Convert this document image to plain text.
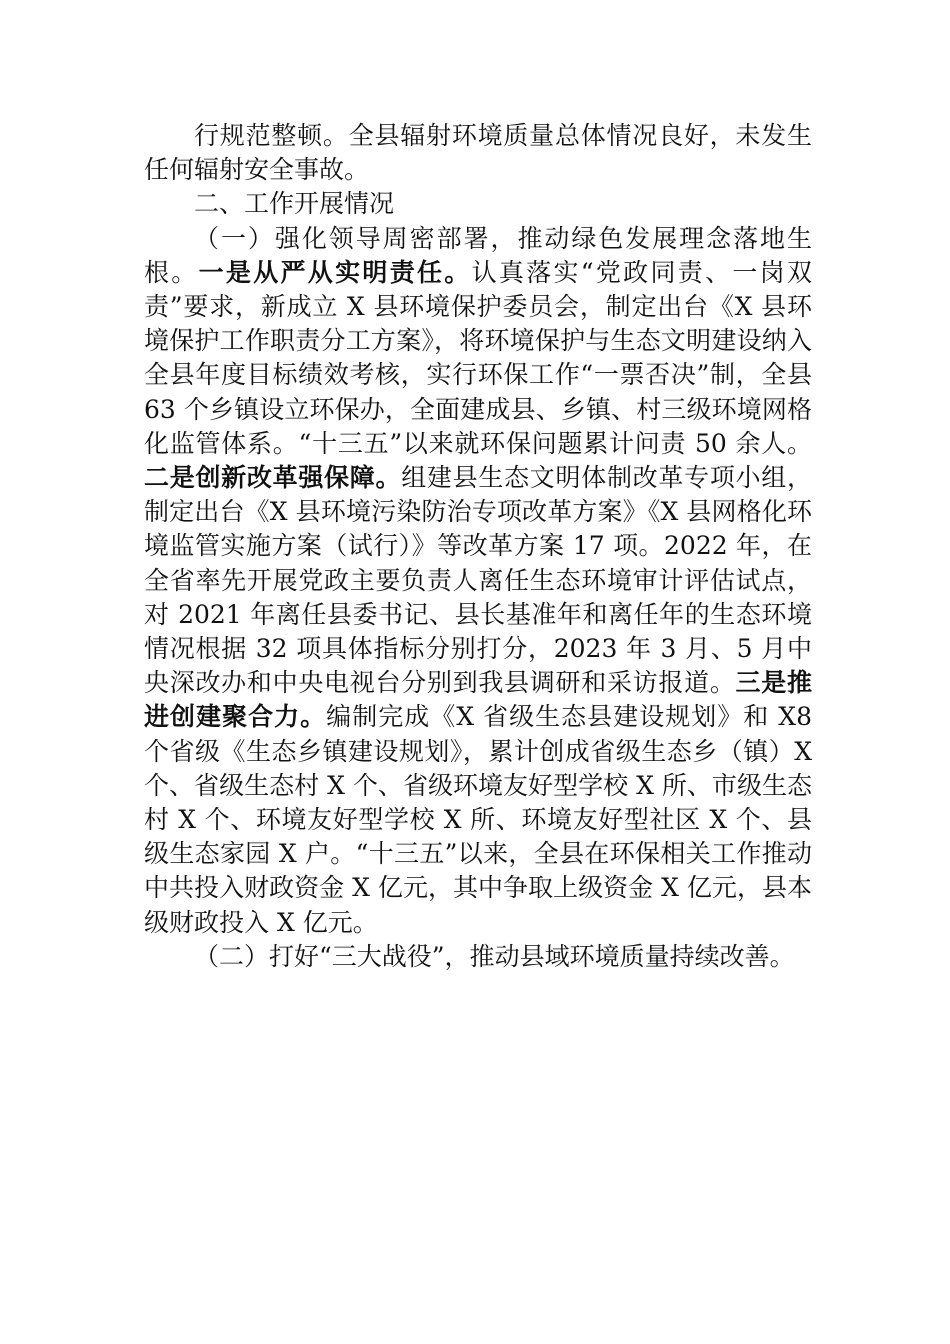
行规范整顿。全县辐射环境质量总体情况良好，未发生任何辐射安全事故。

二、工作开展情况

（一）强化领导周密部署，推动绿色发展理念落地生根。一是从严从实明责任。认真落实“党政同责、一岗双责”要求，新成立 X 县环境保护委员会，制定出台《X 县环境保护工作职责分工方案》，将环境保护与生态文明建设纳入全县年度目标绩效考核，实行环保工作“一票否决”制，全县 63 个乡镇设立环保办，全面建成县、乡镇、村三级环境网格化监管体系。“十三五”以来就环保问题累计问责 50 余人。二是创新改革强保障。组建县生态文明体制改革专项小组，制定出台《X 县环境污染防治专项改革方案》《X 县网格化环境监管实施方案（试行）》等改革方案 17 项。2022 年，在全省率先开展党政主要负责人离任生态环境审计评估试点，对 2021 年离任县委书记、县长基准年和离任年的生态环境情况根据 32 项具体指标分别打分，2023 年 3 月、5 月中央深改办和中央电视台分别到我县调研和采访报道。三是推进创建聚合力。编制完成《X 省级生态县建设规划》和 X8 个省级《生态乡镇建设规划》，累计创成省级生态乡（镇）X 个、省级生态村 X 个、省级环境友好型学校 X 所、市级生态村 X 个、环境友好型学校 X 所、环境友好型社区 X 个、县级生态家园 X 户。“十三五”以来，全县在环保相关工作推动中共投入财政资金 X 亿元，其中争取上级资金 X 亿元，县本级财政投入 X 亿元。

（二）打好“三大战役”，推动县域环境质量持续改善。
